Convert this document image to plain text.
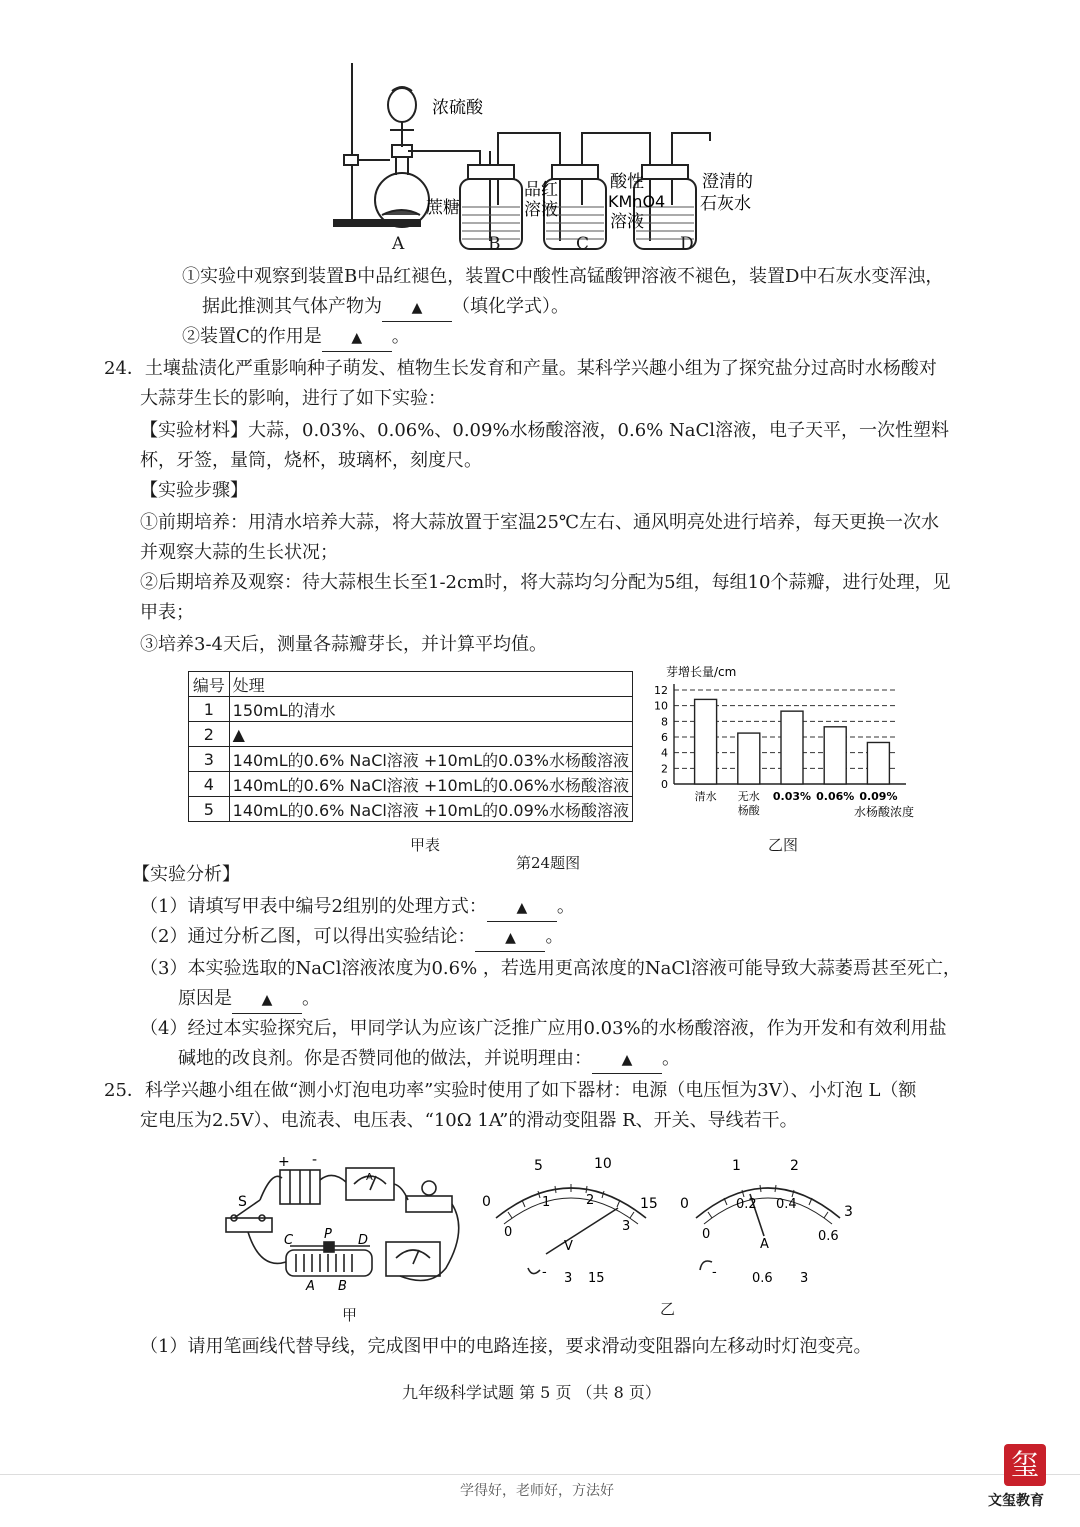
浓硫酸
蔗糖
品红
溶液
酸性
KMnO4
溶液
澄清的
石灰水
A	B	C	D
①实验中观察到装置B中品红褪色，装置C中酸性高锰酸钾溶液不褪色，装置D中石灰水变浑浊，
据此推测其气体产物为 ▲ （填化学式）。
②装置C的作用是 ▲ 。
24．土壤盐渍化严重影响种子萌发、植物生长发育和产量。某科学兴趣小组为了探究盐分过高时水杨酸对
大蒜芽生长的影响，进行了如下实验：
【实验材料】大蒜，0.03%、0.06%、0.09%水杨酸溶液，0.6% NaCl溶液，电子天平，一次性塑料
杯，牙签，量筒，烧杯，玻璃杯，刻度尺。
【实验步骤】
①前期培养：用清水培养大蒜，将大蒜放置于室温25℃左右、通风明亮处进行培养，每天更换一次水
并观察大蒜的生长状况；
②后期培养及观察：待大蒜根生长至1-2cm时，将大蒜均匀分配为5组，每组10个蒜瓣，进行处理，见
甲表；
③培养3-4天后，测量各蒜瓣芽长，并计算平均值。
编号	处理
1	150mL的清水
2	▲
3	140mL的0.6% NaCl溶液 +10mL的0.03%水杨酸溶液
4	140mL的0.6% NaCl溶液 +10mL的0.06%水杨酸溶液
5	140mL的0.6% NaCl溶液 +10mL的0.09%水杨酸溶液
甲表
第24题图
乙图
芽增长量/cm
0
2
4
6
8
10
12
清水 无水
杨酸
0.03% 0.06% 0.09%
水杨酸浓度
【实验分析】
（1）请填写甲表中编号2组别的处理方式： ▲ 。
（2）通过分析乙图，可以得出实验结论： ▲ 。
（3）本实验选取的NaCl溶液浓度为0.6% ，若选用更高浓度的NaCl溶液可能导致大蒜萎焉甚至死亡，
原因是 ▲ 。
（4）经过本实验探究后，甲同学认为应该广泛推广应用0.03%的水杨酸溶液，作为开发和有效利用盐
碱地的改良剂。你是否赞同他的做法，并说明理由： ▲ 。
25．科学兴趣小组在做“测小灯泡电功率”实验时使用了如下器材：电源（电压恒为3V）、小灯泡 L（额
定电压为2.5V）、电流表、电压表、“10Ω 1A”的滑动变阻器 R、开关、导线若干。
+ -
S
C P D
A B
A
甲
5	10
0	15
0
1	2
3
V
- 3 15
1	2
0	3
0
0.2 0.4
0.6
A
-	0.6 3
乙
（1）请用笔画线代替导线，完成图甲中的电路连接，要求滑动变阻器向左移动时灯泡变亮。
九年级科学试题 第 5 页 （共 8 页）
学得好，老师好，方法好
玺
文玺教育
